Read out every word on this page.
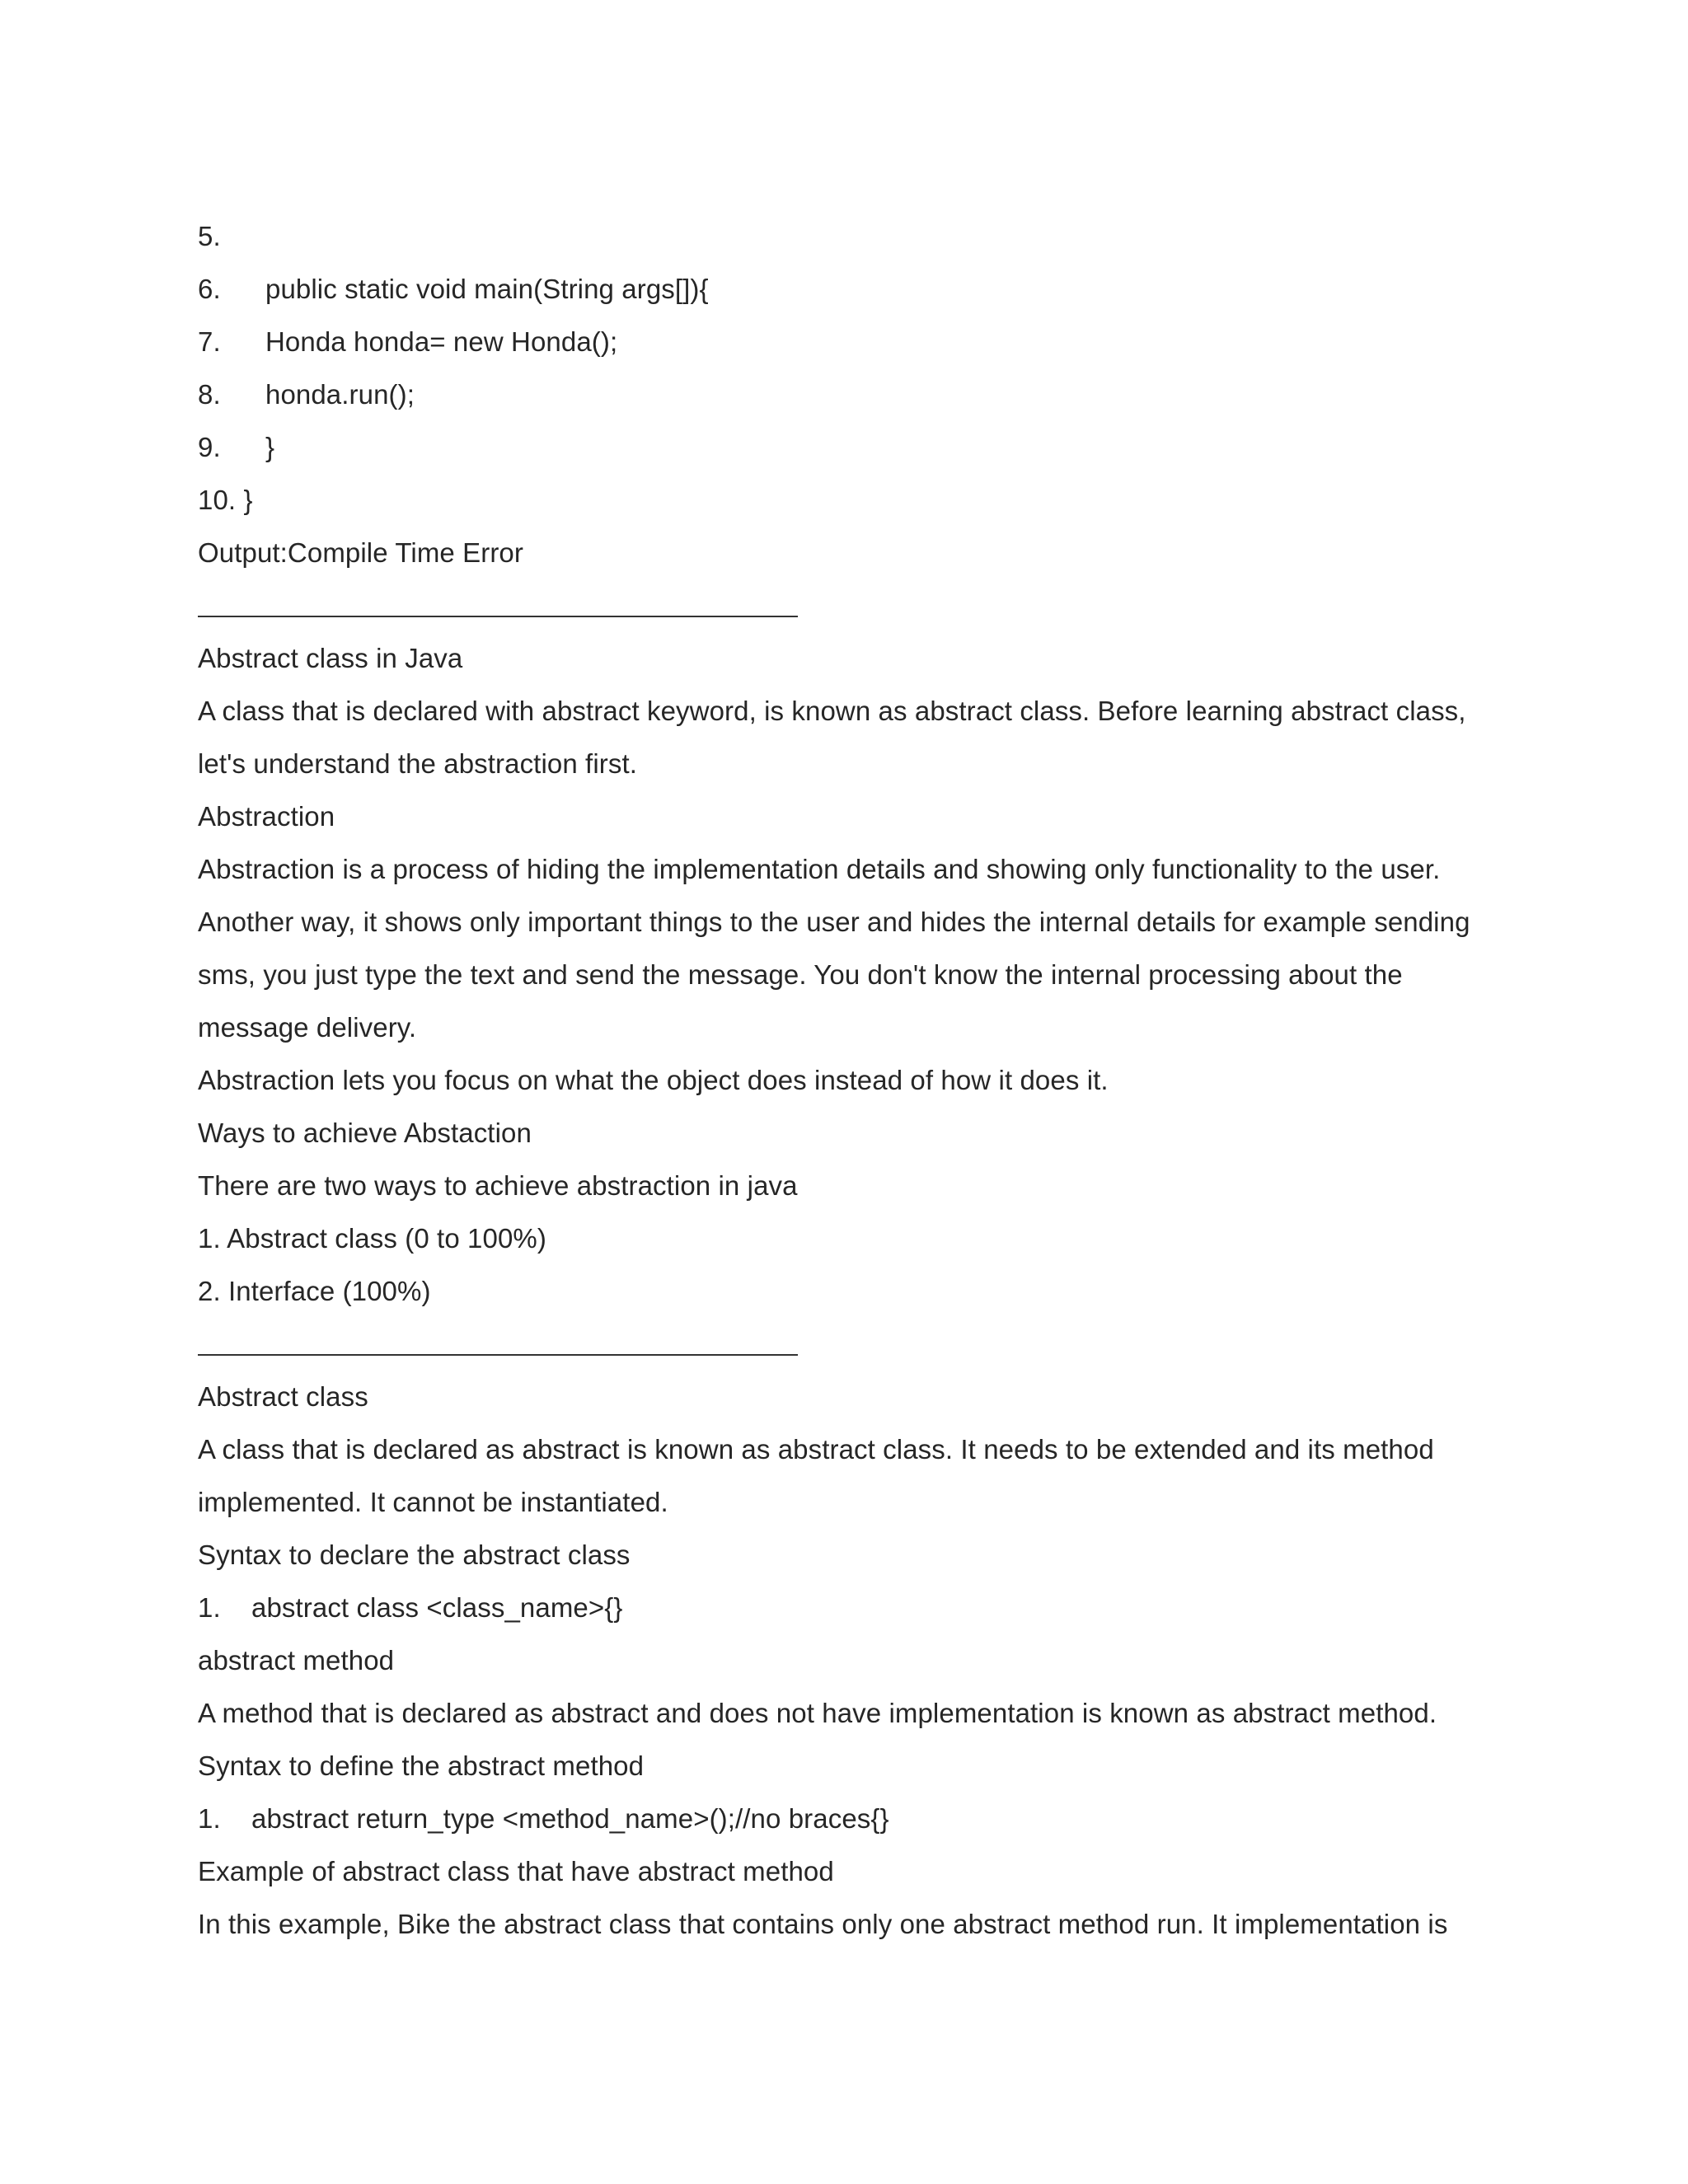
5.
6. public static void main(String args[]){
7. Honda honda= new Honda();
8. honda.run();
9. }
10. }
Output:Compile Time Error
Abstract class in Java
A class that is declared with abstract keyword, is known as abstract class. Before learning abstract class,
let's understand the abstraction first.
Abstraction
Abstraction is a process of hiding the implementation details and showing only functionality to the user.
Another way, it shows only important things to the user and hides the internal details for example sending
sms, you just type the text and send the message. You don't know the internal processing about the
message delivery.
Abstraction lets you focus on what the object does instead of how it does it.
Ways to achieve Abstaction
There are two ways to achieve abstraction in java
1. Abstract class (0 to 100%)
2. Interface (100%)
Abstract class
A class that is declared as abstract is known as abstract class. It needs to be extended and its method
implemented. It cannot be instantiated.
Syntax to declare the abstract class
1. abstract class <class_name>{}
abstract method
A method that is declared as abstract and does not have implementation is known as abstract method.
Syntax to define the abstract method
1. abstract return_type <method_name>();//no braces{}
Example of abstract class that have abstract method
In this example, Bike the abstract class that contains only one abstract method run. It implementation is
